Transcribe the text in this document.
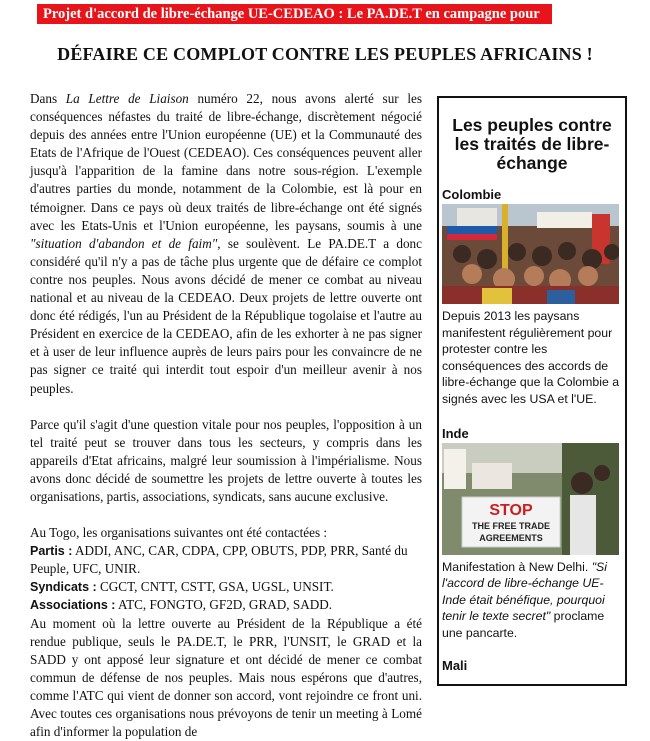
Projet d'accord de libre-échange UE-CEDEAO : Le PA.DE.T en campagne pour
DÉFAIRE CE COMPLOT CONTRE LES PEUPLES AFRICAINS !

Dans La Lettre de Liaison numéro 22, nous avons alerté sur les conséquences néfastes du traité de libre-échange, discrètement négocié depuis des années entre l'Union européenne (UE) et la Communauté des Etats de l'Afrique de l'Ouest (CEDEAO). Ces conséquences peuvent aller jusqu'à l'apparition de la famine dans notre sous-région. L'exemple d'autres parties du monde, notamment de la Colombie, est là pour en témoigner. Dans ce pays où deux traités de libre-échange ont été signés avec les Etats-Unis et l'Union européenne, les paysans, soumis à une "situation d'abandon et de faim", se soulèvent. Le PA.DE.T a donc considéré qu'il n'y a pas de tâche plus urgente que de défaire ce complot contre nos peuples. Nous avons décidé de mener ce combat au niveau national et au niveau de la CEDEAO. Deux projets de lettre ouverte ont donc été rédigés, l'un au Président de la République togolaise et l'autre au Président en exercice de la CEDEAO, afin de les exhorter à ne pas signer et à user de leur influence auprès de leurs pairs pour les convaincre de ne pas signer ce traité qui interdit tout espoir d'un meilleur avenir à nos peuples.

Parce qu'il s'agit d'une question vitale pour nos peuples, l'opposition à un tel traité peut se trouver dans tous les secteurs, y compris dans les appareils d'Etat africains, malgré leur soumission à l'impérialisme. Nous avons donc décidé de soumettre les projets de lettre ouverte à toutes les organisations, partis, associations, syndicats, sans aucune exclusive.

Au Togo, les organisations suivantes ont été contactées :
Partis : ADDI, ANC, CAR, CDPA, CPP, OBUTS, PDP, PRR, Santé du Peuple, UFC, UNIR.
Syndicats : CGCT, CNTT, CSTT, GSA, UGSL, UNSIT.
Associations : ATC, FONGTO, GF2D, GRAD, SADD.
Au moment où la lettre ouverte au Président de la République a été rendue publique, seuls le PA.DE.T, le PRR, l'UNSIT, le GRAD et la SADD y ont apposé leur signature et ont décidé de mener ce combat commun de défense de nos peuples. Mais nous espérons que d'autres, comme l'ATC qui vient de donner son accord, vont rejoindre ce front uni. Avec toutes ces organisations nous prévoyons de tenir un meeting à Lomé afin d'informer la population de

Les peuples contre les traités de libre-échange
Colombie
Depuis 2013 les paysans manifestent régulièrement pour protester contre les conséquences des accords de libre-échange que la Colombie a signés avec les USA et l'UE.
Inde
STOP
THE FREE TRADE
AGREEMENTS
Manifestation à New Delhi. "Si l'accord de libre-échange UE-Inde était bénéfique, pourquoi tenir le texte secret" proclame une pancarte.
Mali
